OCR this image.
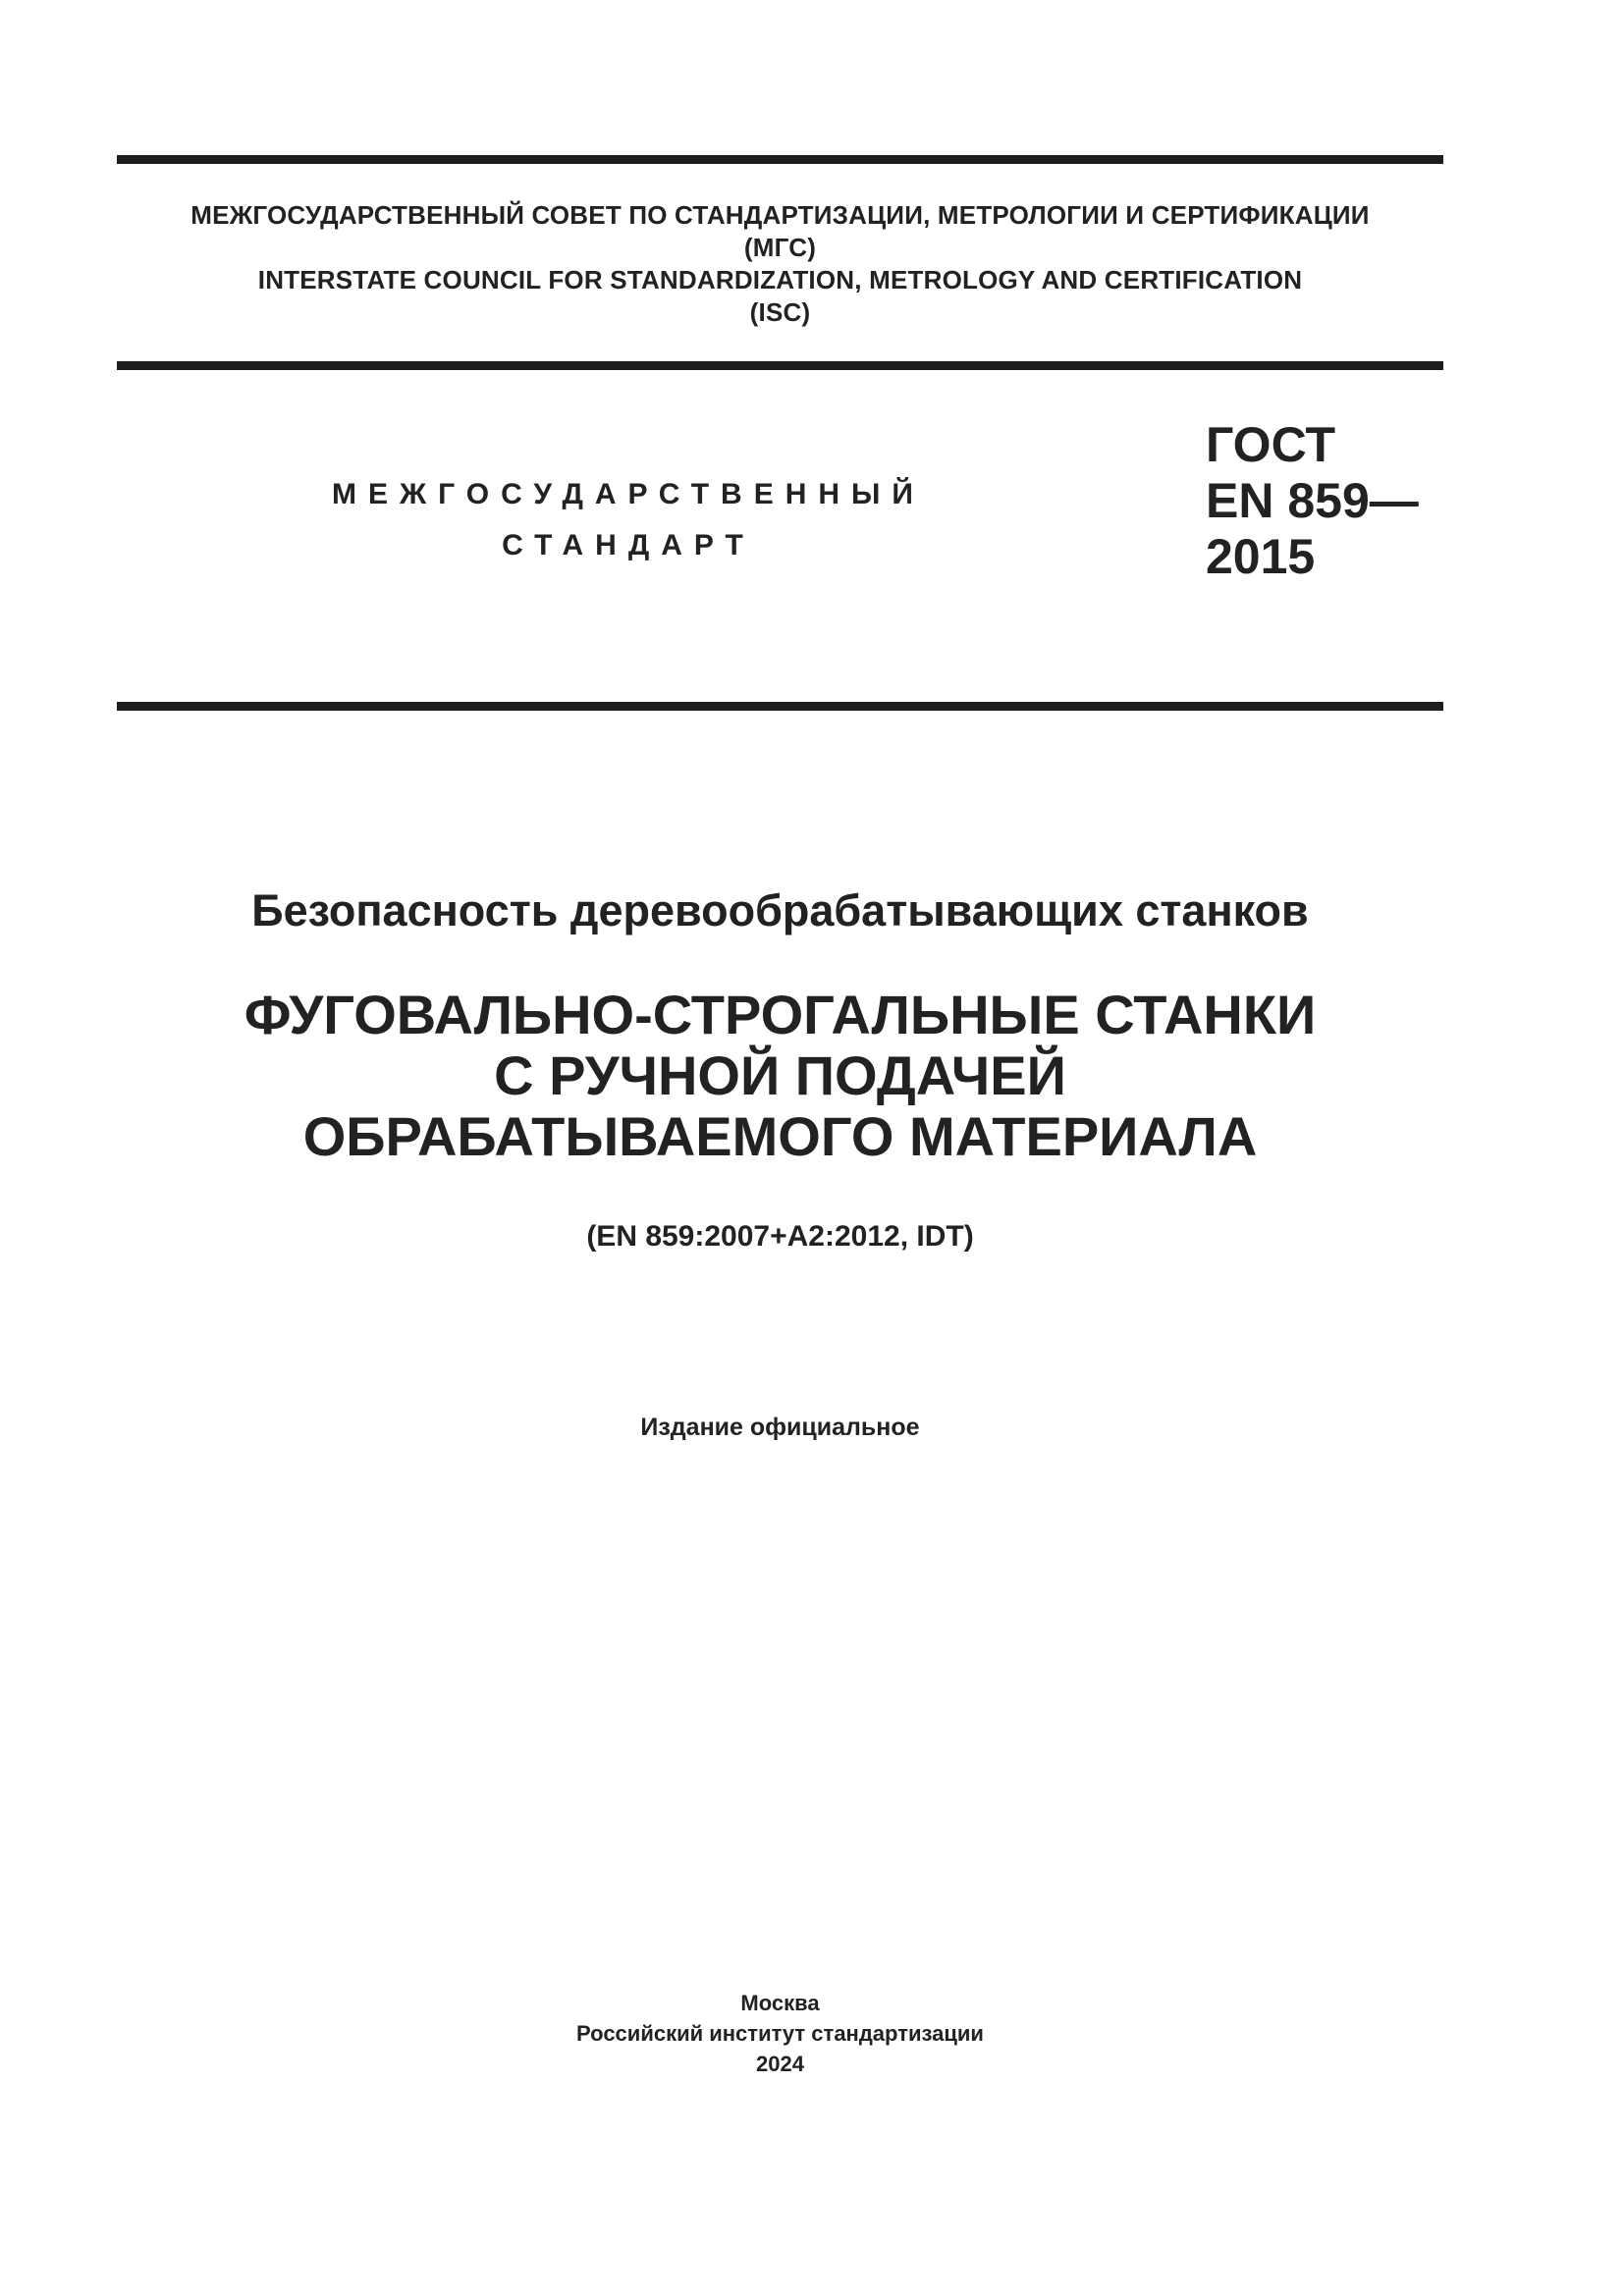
МЕЖГОСУДАРСТВЕННЫЙ СОВЕТ ПО СТАНДАРТИЗАЦИИ, МЕТРОЛОГИИ И СЕРТИФИКАЦИИ
(МГС)
INTERSTATE COUNCIL FOR STANDARDIZATION, METROLOGY AND CERTIFICATION
(ISC)
МЕЖГОСУДАРСТВЕННЫЙ
СТАНДАРТ
ГОСТ
EN 859—
2015
Безопасность деревообрабатывающих станков
ФУГОВАЛЬНО-СТРОГАЛЬНЫЕ СТАНКИ
С РУЧНОЙ ПОДАЧЕЙ
ОБРАБАТЫВАЕМОГО МАТЕРИАЛА
(EN 859:2007+A2:2012, IDT)
Издание официальное
Москва
Российский институт стандартизации
2024
